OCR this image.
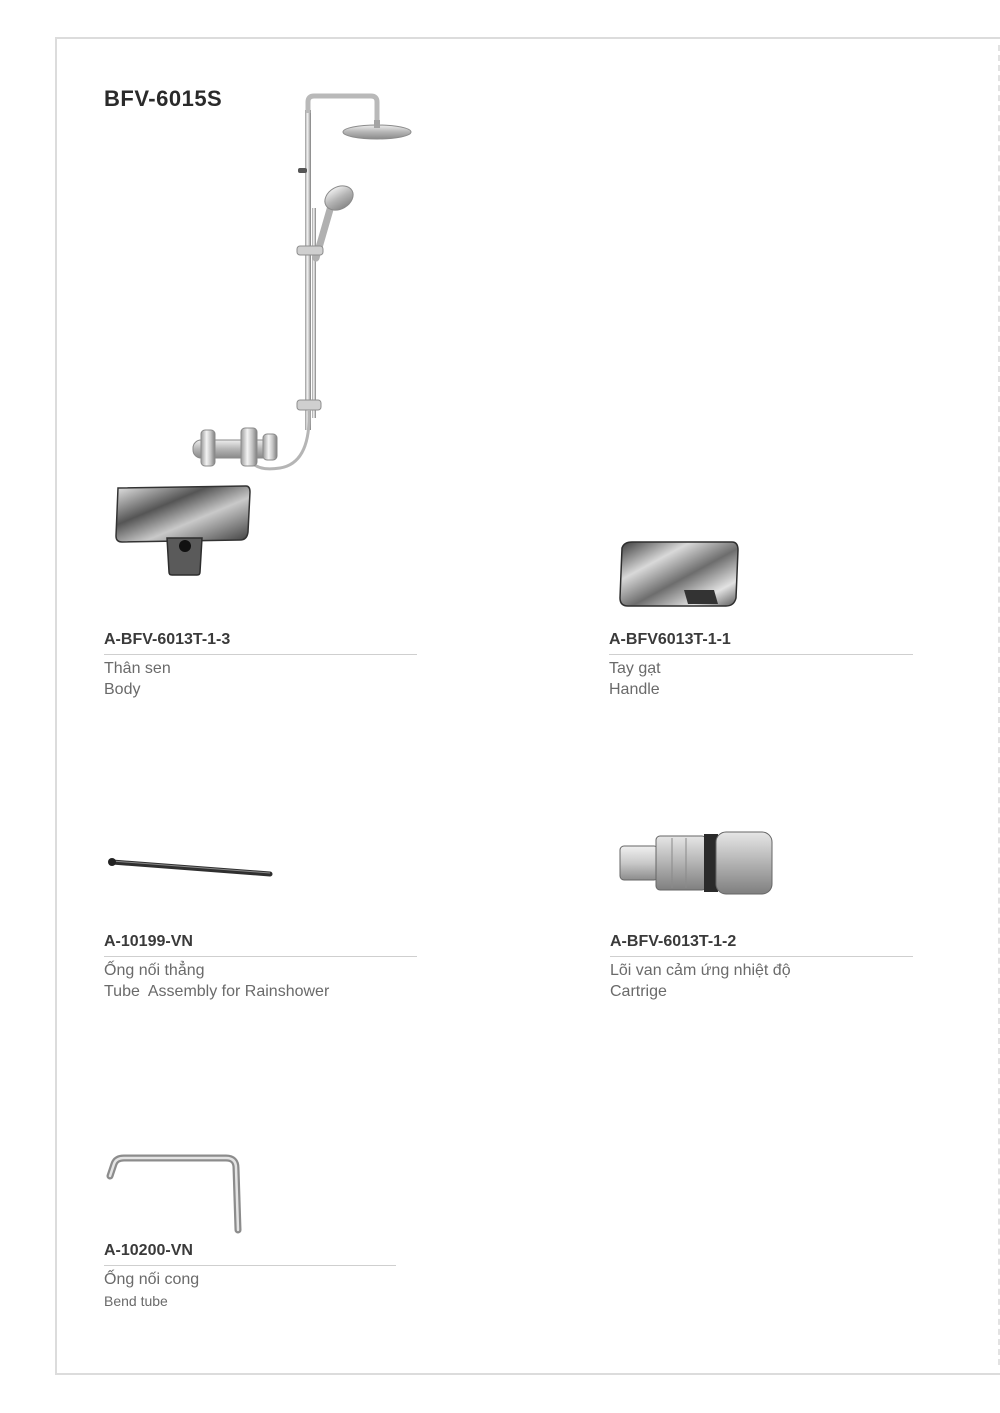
BFV-6015S
A-BFV-6013T-1-3
Thân sen
Body
A-BFV6013T-1-1
Tay gạt
Handle
A-10199-VN
Ống nối thẳng
Tube  Assembly for Rainshower
A-BFV-6013T-1-2
Lõi van cảm ứng nhiệt độ
Cartrige
A-10200-VN
Ống nối cong
Bend tube
